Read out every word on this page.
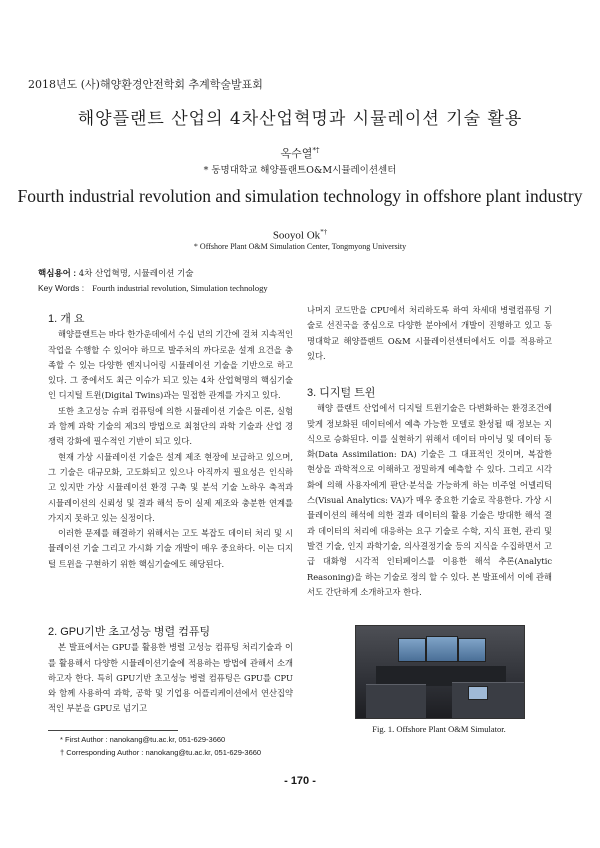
2018년도 (사)해양환경안전학회 추계학술발표회
해양플랜트 산업의 4차산업혁명과 시뮬레이션 기술 활용
옥수열*†
* 동명대학교 해양플랜트O&M시뮬레이션센터
Fourth industrial revolution and simulation technology in offshore plant industry
Sooyol Ok*†
* Offshore Plant O&M Simulation Center, Tongmyong University
핵심용어 : 4차 산업혁명, 시뮬레이션 기술
Key Words : Fourth industrial revolution, Simulation technology

1. 개 요

해양플랜트는 바다 한가운데에서 수십 년의 기간에 걸쳐 지속적인 작업을 수행할 수 있어야 하므로 발주처의 까다로운 설계 요건을 충족할 수 있는 다양한 엔지니어링 시뮬레이션 기술을 기반으로 하고 있다. 그 중에서도 최근 이슈가 되고 있는 4차 산업혁명의 핵심기술인 디지털 트윈(Digital Twins)과는 밀접한 관계를 가지고 있다.

또한 초고성능 슈퍼 컴퓨팅에 의한 시뮬레이션 기술은 이론, 실험과 함께 과학 기술의 제3의 방법으로 최첨단의 과학 기술과 산업 경쟁력 강화에 필수적인 기반이 되고 있다.

현재 가상 시뮬레이션 기술은 설계 제조 현장에 보급하고 있으며, 그 기술은 대규모화, 고도화되고 있으나 아직까지 필요성은 인식하고 있지만 가상 시뮬레이션 환경 구축 및 분석 기술 노하우 축적과 시뮬레이션의 신뢰성 및 결과 해석 등이 실제 제조와 충분한 연계를 가지지 못하고 있는 실정이다.

이러한 문제를 해결하기 위해서는 고도 복잡도 데이터 처리 및 시뮬레이션 기술 그리고 가시화 기술 개발이 매우 중요하다. 이는 디지털 트윈을 구현하기 위한 핵심기술에도 해당된다.

2. GPU기반 초고성능 병렬 컴퓨팅

본 발표에서는 GPU를 활용한 병렬 고성능 컴퓨팅 처리기술과 이를 활용해서 다양한 시뮬레이션기술에 적용하는 방법에 관해서 소개하고자 한다. 특히 GPU기반 초고성능 병렬 컴퓨팅은 GPU를 CPU와 함께 사용하여 과학, 공학 및 기업용 어플리케이션에서 연산집약적인 부분을 GPU로 넘기고

나머지 코드만을 CPU에서 처리하도록 하여 차세대 병렬컴퓨팅 기술로 선진국을 중심으로 다양한 분야에서 개발이 진행하고 있고 동명대학교 해양플랜트 O&M 시뮬레이션센터에서도 이를 적용하고 있다.

3. 디지털 트윈

해양 플랜트 산업에서 디지털 트윈기술은 다변화하는 환경조건에 맞게 정보화된 데이터에서 예측 가능한 모델로 환성될 때 정보는 지식으로 승화된다. 이를 실현하기 위해서 데이터 마이닝 및 데이터 동화(Data Assimilation: DA) 기술은 그 대표적인 것이며, 복잡한 현상을 과학적으로 이해하고 정밀하게 예측할 수 있다. 그리고 시각화에 의해 사용자에게 판단·분석을 가능하게 하는 비주얼 어넬리틱스(Visual Analytics: VA)가 매우 중요한 기술로 작용한다. 가상 시뮬레이션의 해석에 의한 결과 데이터의 활용 기술은 방대한 해석 결과 데이터의 처리에 대응하는 요구 기술로 수학, 지식 표현, 관리 및 발견 기술, 인지 과학기술, 의사결정기술 등의 지식을 수집하면서 고급 대화형 시각적 인터페이스를 이용한 해석 추론(Analytic Reasoning)을 하는 기술로 정의 할 수 있다. 본 발표에서 이에 관해서도 간단하게 소개하고자 한다.

Fig. 1. Offshore Plant O&M Simulator.
* First Author : nanokang@tu.ac.kr, 051-629-3660
† Corresponding Author : nanokang@tu.ac.kr, 051-629-3660
- 170 -
